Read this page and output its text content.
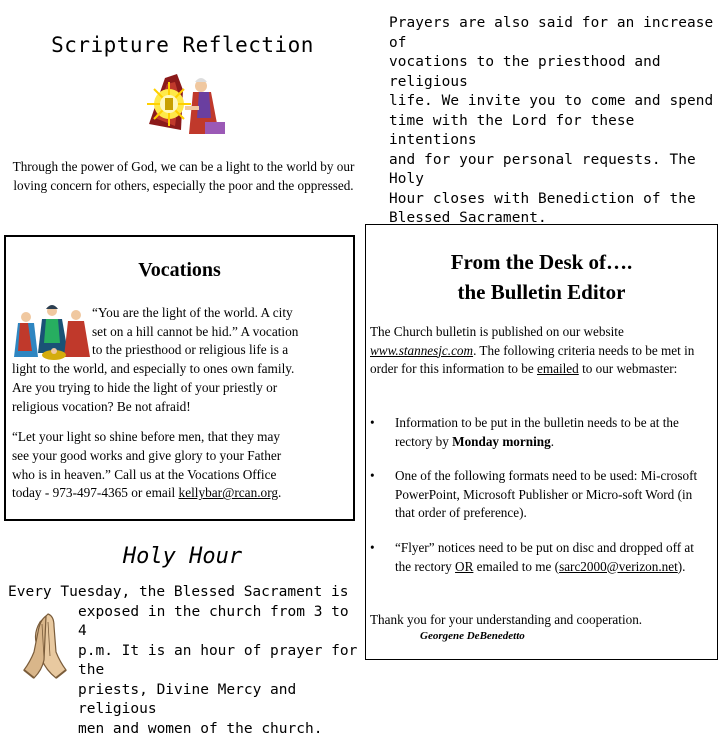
Scripture Reflection
Through the power of God, we can be a light to the world by our loving concern for others, especially the poor and the oppressed.
Prayers are also said for an increase of
vocations to the priesthood and religious
life. We invite you to come and spend
time with the Lord for these intentions
and for your personal requests. The Holy
Hour closes with Benediction of the
Blessed Sacrament.
Vocations
“You are the light of the world. A city
set on a hill cannot be hid.” A vocation
to the priesthood or religious life is a
light to the world, and especially to ones own family.
Are you trying to hide the light of your priestly or
religious vocation? Be not afraid!
“Let your light so shine before men, that they may
see your good works and give glory to your Father
who is in heaven.” Call us at the Vocations Office
today - 973-497-4365 or email kellybar@rcan.org.
Holy Hour
Every Tuesday, the Blessed Sacrament is
exposed in the church from 3 to 4
p.m. It is an hour of prayer for the
priests, Divine Mercy and religious
men and women of the church.
From the Desk of….
the Bulletin Editor
The Church bulletin is published on our website www.stannesjc.com. The following criteria needs to be met in order for this information to be emailed to our webmaster:
•	Information to be put in the bulletin needs to be at the rectory by Monday morning.
•	One of the following formats need to be used: Mi-crosoft PowerPoint, Microsoft Publisher or Micro-soft Word (in that order of preference).
•	“Flyer” notices need to be put on disc and dropped off at the rectory OR emailed to me (sarc2000@verizon.net).
Thank you for your understanding and cooperation.
Georgene DeBenedetto
